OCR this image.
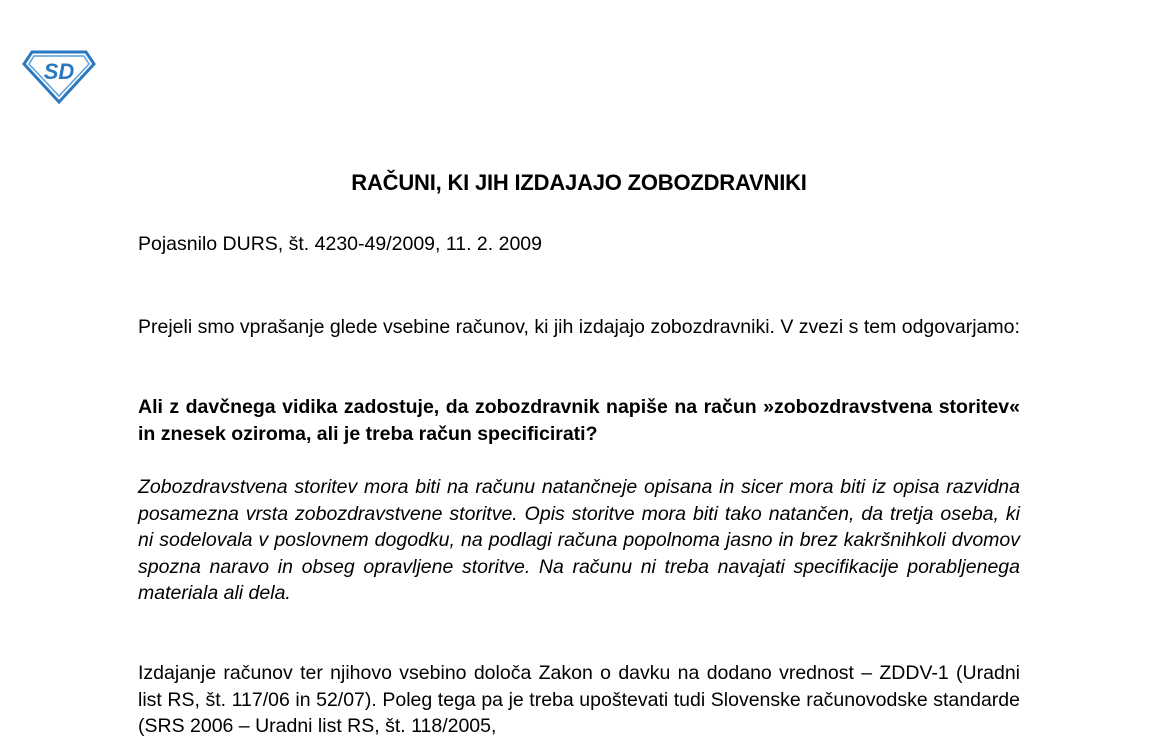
SD
RAČUNI, KI JIH IZDAJAJO ZOBOZDRAVNIKI

Pojasnilo DURS, št. 4230-49/2009, 11. 2. 2009

Prejeli smo vprašanje glede vsebine računov, ki jih izdajajo zobozdravniki. V zvezi s tem odgovarjamo:

Ali z davčnega vidika zadostuje, da zobozdravnik napiše na račun »zobozdravstvena storitev« in znesek oziroma, ali je treba račun specificirati?

Zobozdravstvena storitev mora biti na računu natančneje opisana in sicer mora biti iz opisa razvidna posamezna vrsta zobozdravstvene storitve. Opis storitve mora biti tako natančen, da tretja oseba, ki ni sodelovala v poslovnem dogodku, na podlagi računa popolnoma jasno in brez kakršnihkoli dvomov spozna naravo in obseg opravljene storitve. Na računu ni treba navajati specifikacije porabljenega materiala ali dela.

Izdajanje računov ter njihovo vsebino določa Zakon o davku na dodano vrednost – ZDDV-1 (Uradni list RS, št. 117/06 in 52/07). Poleg tega pa je treba upoštevati tudi Slovenske računovodske standarde (SRS 2006 – Uradni list RS, št. 118/2005,
